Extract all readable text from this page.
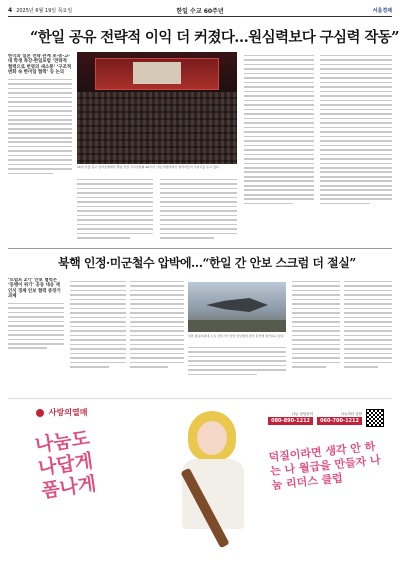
4 2025년 6월 19일 목요일	한일 수교 60주년	서울경제
“한일 공유 전략적 이익 더 커졌다…원심력보다 구심력 작동”
한국과 일본 전략 관계 초·중·고·대 학생 특강·한일포럼 ‘전략적 협력으로 번영의 새소통’ ‘구조적 변화 속 한미일 협력’ 등 논의
16일 서울 중구 신라호텔에서 열린 한일 국교정상화 60주년 기념 리셉션에서 참석자들이 기념사를 듣고 있다.
북핵 인정·미군철수 압박에…“한일 간 안보 스크럼 더 절실”
‘트럼프 2기’ 안보 협력은 ‘동맹이 위기’ 공동 대응 재인식 경제 안보 협력 중장기 과제
일본 항공자위대 소속 전투기가 한일 안보협력 관련 훈련에 참가하고 있다.
사랑의열매
나눔도 나답게 폼나게
덕질이라면 생각 안 하는 나 월급을 만들자 나눔 리더스 클럽
나눔 상담문의
080-890-1212
나눔리더 상담
060-700-1212
